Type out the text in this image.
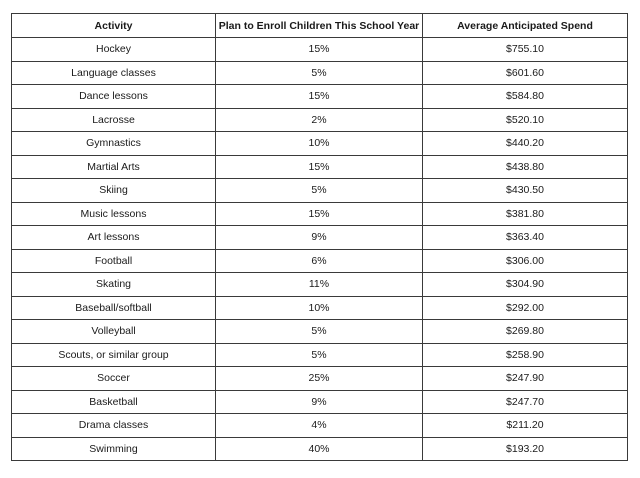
Activity	Plan to Enroll Children This School Year	Average Anticipated Spend
Hockey	15%	$755.10
Language classes	5%	$601.60
Dance lessons	15%	$584.80
Lacrosse	2%	$520.10
Gymnastics	10%	$440.20
Martial Arts	15%	$438.80
Skiing	5%	$430.50
Music lessons	15%	$381.80
Art lessons	9%	$363.40
Football	6%	$306.00
Skating	11%	$304.90
Baseball/softball	10%	$292.00
Volleyball	5%	$269.80
Scouts, or similar group	5%	$258.90
Soccer	25%	$247.90
Basketball	9%	$247.70
Drama classes	4%	$211.20
Swimming	40%	$193.20
